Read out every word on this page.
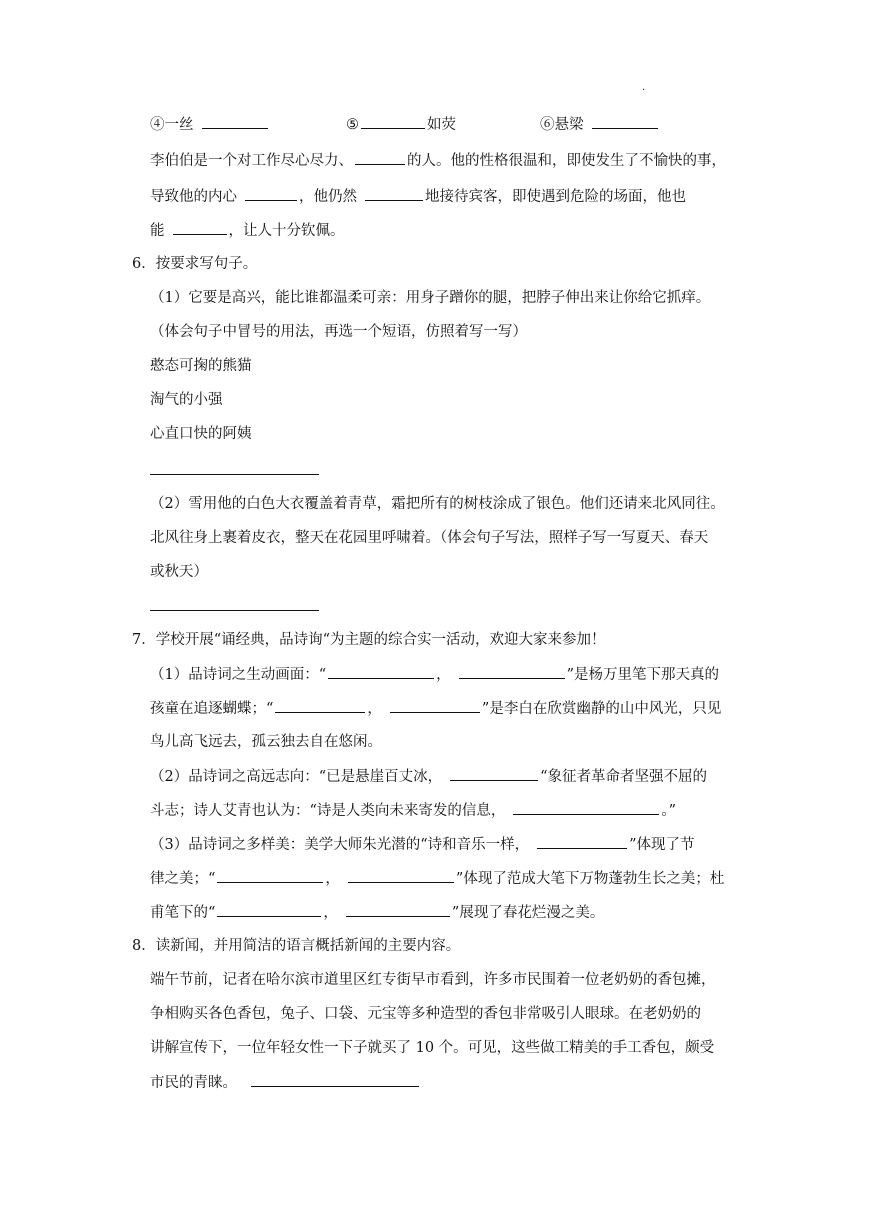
.
④一丝	⑤	如荧	⑥悬梁
李伯伯是一个对工作尽心尽力、	的人。他的性格很温和，即使发生了不愉快的事，
导致他的内心	，他仍然	地接待宾客，即使遇到危险的场面，他也
能	，让人十分钦佩。
6．按要求写句子。
（1）它要是高兴，能比谁都温柔可亲：用身子蹭你的腿，把脖子伸出来让你给它抓痒。
（体会句子中冒号的用法，再选一个短语，仿照着写一写）
憨态可掬的熊猫
淘气的小强
心直口快的阿姨
（2）雪用他的白色大衣覆盖着青草，霜把所有的树枝涂成了银色。他们还请来北风同往。
北风往身上裹着皮衣，整天在花园里呼啸着。（体会句子写法，照样子写一写夏天、春天
或秋天）
7．学校开展“诵经典，品诗询“为主题的综合实一活动，欢迎大家来参加！
（1）品诗词之生动画面：“	，	”是杨万里笔下那天真的
孩童在追逐蝴蝶；“	，	”是李白在欣赏幽静的山中风光，只见
鸟儿高飞远去，孤云独去自在悠闲。
（2）品诗词之高远志向：“已是悬崖百丈冰，	“象征者革命者坚强不屈的
斗志；诗人艾青也认为：“诗是人类向未来寄发的信息，	。”
（3）品诗词之多样美：美学大师朱光潜的“诗和音乐一样，	”体现了节
律之美；“	，	”体现了范成大笔下万物蓬勃生长之美；杜
甫笔下的“	，	”展现了春花烂漫之美。
8．读新闻，并用简洁的语言概括新闻的主要内容。
端午节前，记者在哈尔滨市道里区红专街早市看到，许多市民围着一位老奶奶的香包摊，
争相购买各色香包，兔子、口袋、元宝等多种造型的香包非常吸引人眼球。在老奶奶的
讲解宣传下，一位年轻女性一下子就买了 10 个。可见，这些做工精美的手工香包，颇受
市民的青睐。
